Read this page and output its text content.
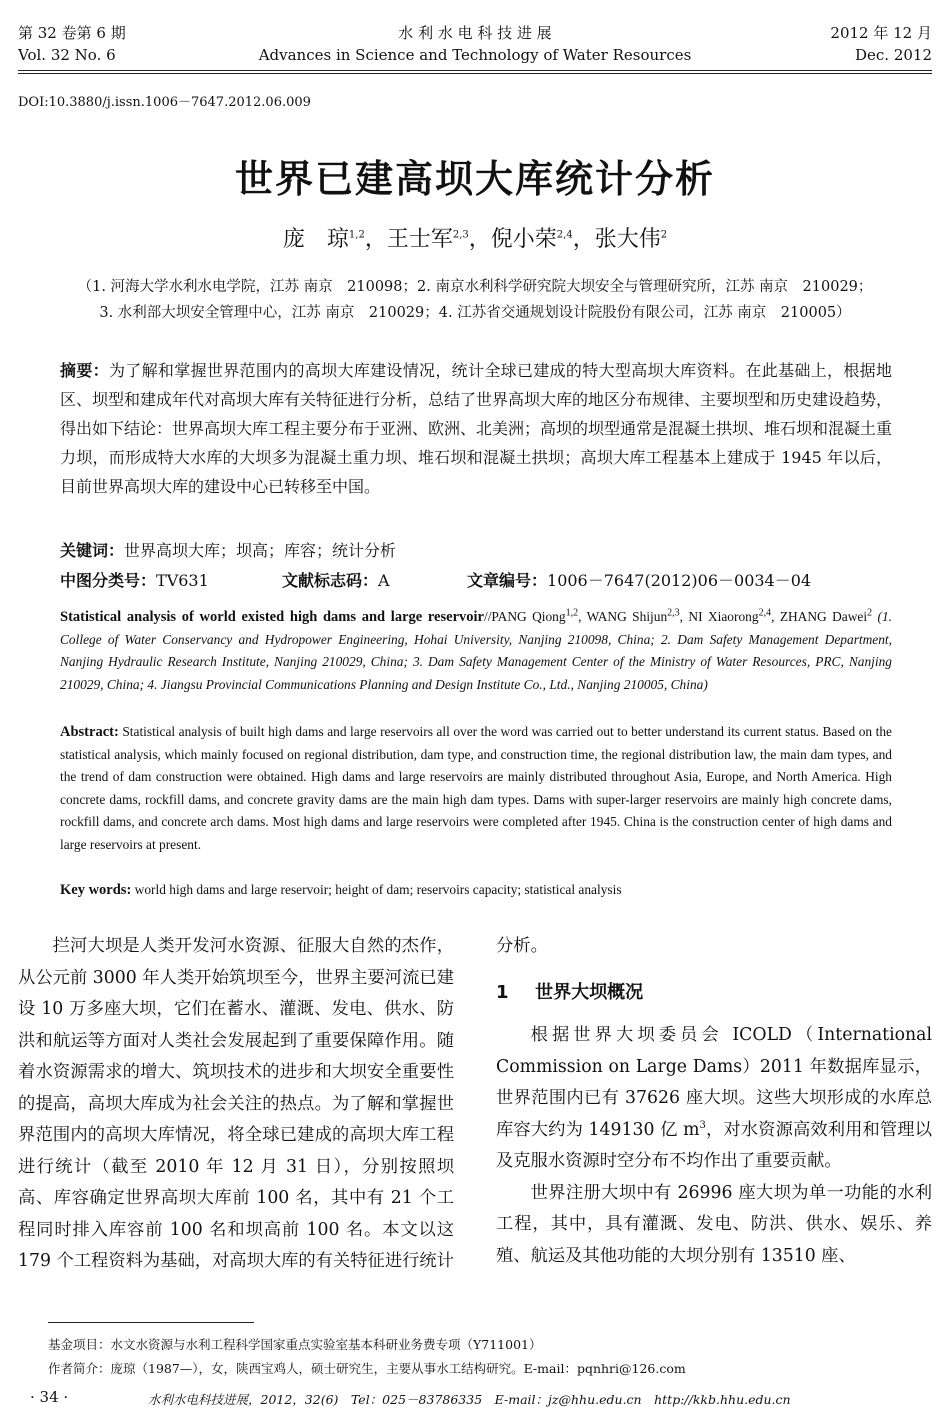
第 32 卷第 6 期
Vol. 32 No. 6
水 利 水 电 科 技 进 展
Advances in Science and Technology of Water Resources
2012 年 12 月
Dec. 2012
DOI:10.3880/j.issn.1006－7647.2012.06.009
世界已建高坝大库统计分析
庞　琼$^{1,2}$，王士军$^{2,3}$，倪小荣$^{2,4}$，张大伟$^2$
（1. 河海大学水利水电学院，江苏 南京　210098；2. 南京水利科学研究院大坝安全与管理研究所，江苏 南京　210029；
3. 水利部大坝安全管理中心，江苏 南京　210029；4. 江苏省交通规划设计院股份有限公司，江苏 南京　210005）
摘要：为了解和掌握世界范围内的高坝大库建设情况，统计全球已建成的特大型高坝大库资料。在此基础上，根据地区、坝型和建成年代对高坝大库有关特征进行分析，总结了世界高坝大库的地区分布规律、主要坝型和历史建设趋势，得出如下结论：世界高坝大库工程主要分布于亚洲、欧洲、北美洲；高坝的坝型通常是混凝土拱坝、堆石坝和混凝土重力坝，而形成特大水库的大坝多为混凝土重力坝、堆石坝和混凝土拱坝；高坝大库工程基本上建成于 1945 年以后，目前世界高坝大库的建设中心已转移至中国。
关键词：世界高坝大库；坝高；库容；统计分析
中图分类号：TV631	文献标志码：A	文章编号：1006－7647(2012)06－0034－04
Statistical analysis of world existed high dams and large reservoir//PANG Qiong$^{1,2}$, WANG Shijun$^{2,3}$, NI Xiaorong$^{2,4}$, ZHANG Dawei$^2$ (1. College of Water Conservancy and Hydropower Engineering, Hohai University, Nanjing 210098, China; 2. Dam Safety Management Department, Nanjing Hydraulic Research Institute, Nanjing 210029, China; 3. Dam Safety Management Center of the Ministry of Water Resources, PRC, Nanjing 210029, China; 4. Jiangsu Provincial Communications Planning and Design Institute Co., Ltd., Nanjing 210005, China)
Abstract: Statistical analysis of built high dams and large reservoirs all over the word was carried out to better understand its current status. Based on the statistical analysis, which mainly focused on regional distribution, dam type, and construction time, the regional distribution law, the main dam types, and the trend of dam construction were obtained. High dams and large reservoirs are mainly distributed throughout Asia, Europe, and North America. High concrete dams, rockfill dams, and concrete gravity dams are the main high dam types. Dams with super-larger reservoirs are mainly high concrete dams, rockfill dams, and concrete arch dams. Most high dams and large reservoirs were completed after 1945. China is the construction center of high dams and large reservoirs at present.
Key words: world high dams and large reservoir; height of dam; reservoirs capacity; statistical analysis
拦河大坝是人类开发河水资源、征服大自然的杰作，从公元前 3000 年人类开始筑坝至今，世界主要河流已建设 10 万多座大坝，它们在蓄水、灌溉、发电、供水、防洪和航运等方面对人类社会发展起到了重要保障作用。随着水资源需求的增大、筑坝技术的进步和大坝安全重要性的提高，高坝大库成为社会关注的热点。为了解和掌握世界范围内的高坝大库情况，将全球已建成的高坝大库工程进行统计（截至 2010 年 12 月 31 日），分别按照坝高、库容确定世界高坝大库前 100 名，其中有 21 个工程同时排入库容前 100 名和坝高前 100 名。本文以这 179 个工程资料为基础，对高坝大库的有关特征进行统计
分析。
1 世界大坝概况
根据世界大坝委员会 ICOLD（International Commission on Large Dams）2011 年数据库显示，世界范围内已有 37626 座大坝。这些大坝形成的水库总库容大约为 149130 亿 $m^3$，对水资源高效利用和管理以及克服水资源时空分布不均作出了重要贡献。
世界注册大坝中有 26996 座大坝为单一功能的水利工程，其中，具有灌溉、发电、防洪、供水、娱乐、养殖、航运及其他功能的大坝分别有 13510 座、
基金项目：水文水资源与水利工程科学国家重点实验室基本科研业务费专项（Y711001）
作者简介：庞琼（1987—），女，陕西宝鸡人，硕士研究生，主要从事水工结构研究。E-mail：pqnhri@126.com
· 34 ·	水利水电科技进展，2012，32(6)　Tel：025－83786335　E-mail：jz@hhu.edu.cn　http://kkb.hhu.edu.cn
